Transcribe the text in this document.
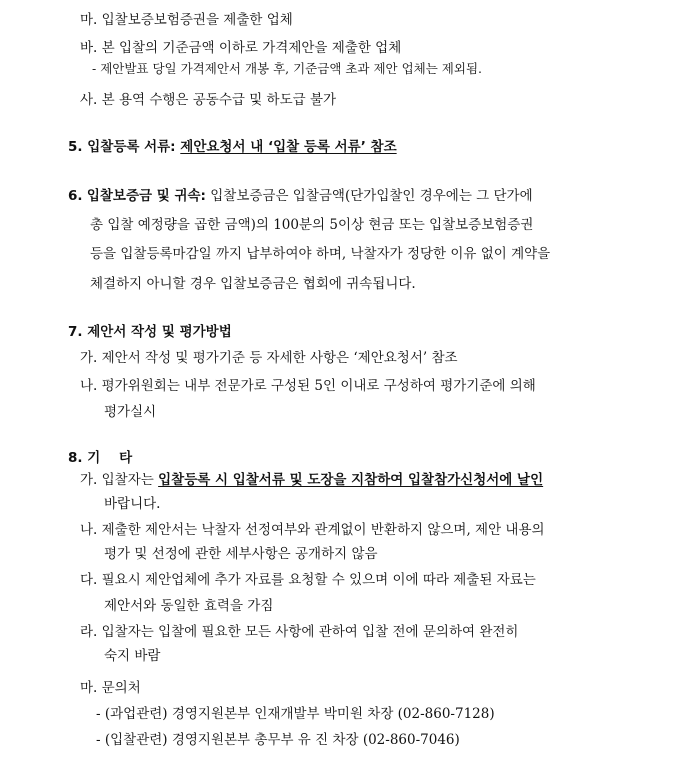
마. 입찰보증보험증권을 제출한 업체
바. 본 입찰의 기준금액 이하로 가격제안을 제출한 업체
- 제안발표 당일 가격제안서 개봉 후, 기준금액 초과 제안 업체는 제외됨.
사. 본 용역 수행은 공동수급 및 하도급 불가
5. 입찰등록 서류: 제안요청서 내 ‘입찰 등록 서류’ 참조
6. 입찰보증금 및 귀속: 입찰보증금은 입찰금액(단가입찰인 경우에는 그 단가에
총 입찰 예정량을 곱한 금액)의 100분의 5이상 현금 또는 입찰보증보험증권
등을 입찰등록마감일 까지 납부하여야 하며, 낙찰자가 정당한 이유 없이 계약을
체결하지 아니할 경우 입찰보증금은 협회에 귀속됩니다.
7. 제안서 작성 및 평가방법
가. 제안서 작성 및 평가기준 등 자세한 사항은 ‘제안요청서’ 참조
나. 평가위원회는 내부 전문가로 구성된 5인 이내로 구성하여 평가기준에 의해
평가실시
8. 기    타
가. 입찰자는 입찰등록 시 입찰서류 및 도장을 지참하여 입찰참가신청서에 날인
바랍니다.
나. 제출한 제안서는 낙찰자 선정여부와 관계없이 반환하지 않으며, 제안 내용의
평가 및 선정에 관한 세부사항은 공개하지 않음
다. 필요시 제안업체에 추가 자료를 요청할 수 있으며 이에 따라 제출된 자료는
제안서와 동일한 효력을 가짐
라. 입찰자는 입찰에 필요한 모든 사항에 관하여 입찰 전에 문의하여 완전히
숙지 바람
마. 문의처
- (과업관련) 경영지원본부 인재개발부 박미원 차장 (02-860-7128)
- (입찰관련) 경영지원본부 총무부 유 진 차장 (02-860-7046)
